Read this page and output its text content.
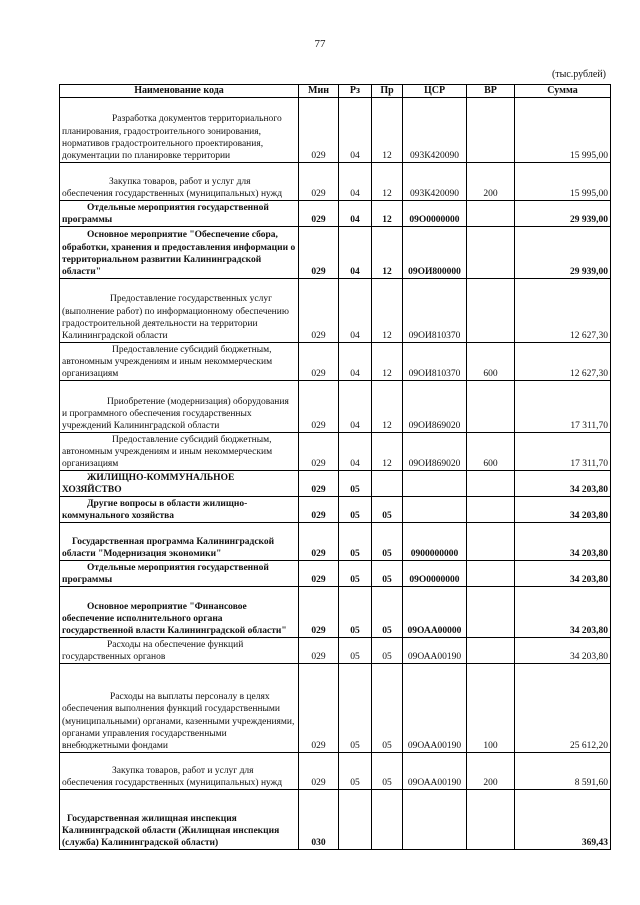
77
(тыс.рублей)
Наименование кода	Мин	Рз	Пр	ЦСР	ВР	Сумма
Разработка документов территориального планирования, градостроительного зонирования, нормативов градостроительного проектирования, документации по планировке территории	029	04	12	093К420090		15 995,00
Закупка товаров, работ и услуг для обеспечения государственных (муниципальных) нужд	029	04	12	093К420090	200	15 995,00
Отдельные мероприятия государственной программы	029	04	12	09О0000000		29 939,00
Основное мероприятие "Обеспечение сбора, обработки, хранения и предоставления информации о территориальном развитии Калининградской области"	029	04	12	09ОИ800000		29 939,00
Предоставление государственных услуг (выполнение работ) по информационному обеспечению градостроительной деятельности на территории Калининградской области	029	04	12	09ОИ810370		12 627,30
Предоставление субсидий бюджетным, автономным учреждениям и иным некоммерческим организациям	029	04	12	09ОИ810370	600	12 627,30
Приобретение (модернизация) оборудования и программного обеспечения государственных учреждений Калининградской области	029	04	12	09ОИ869020		17 311,70
Предоставление субсидий бюджетным, автономным учреждениям и иным некоммерческим организациям	029	04	12	09ОИ869020	600	17 311,70
ЖИЛИЩНО-КОММУНАЛЬНОЕ ХОЗЯЙСТВО	029	05				34 203,80
Другие вопросы в области жилищно-коммунального хозяйства	029	05	05			34 203,80
Государственная программа Калининградской области "Модернизация экономики"	029	05	05	0900000000		34 203,80
Отдельные мероприятия государственной программы	029	05	05	09О0000000		34 203,80
Основное мероприятие "Финансовое обеспечение исполнительного органа государственной власти Калининградской области"	029	05	05	09ОАА00000		34 203,80
Расходы на обеспечение функций государственных органов	029	05	05	09ОАА00190		34 203,80
Расходы на выплаты персоналу в целях обеспечения выполнения функций государственными (муниципальными) органами, казенными учреждениями, органами управления государственными внебюджетными фондами	029	05	05	09ОАА00190	100	25 612,20
Закупка товаров, работ и услуг для обеспечения государственных (муниципальных) нужд	029	05	05	09ОАА00190	200	8 591,60
Государственная жилищная инспекция Калининградской области (Жилищная инспекция (служба) Калининградской области)	030					369,43
